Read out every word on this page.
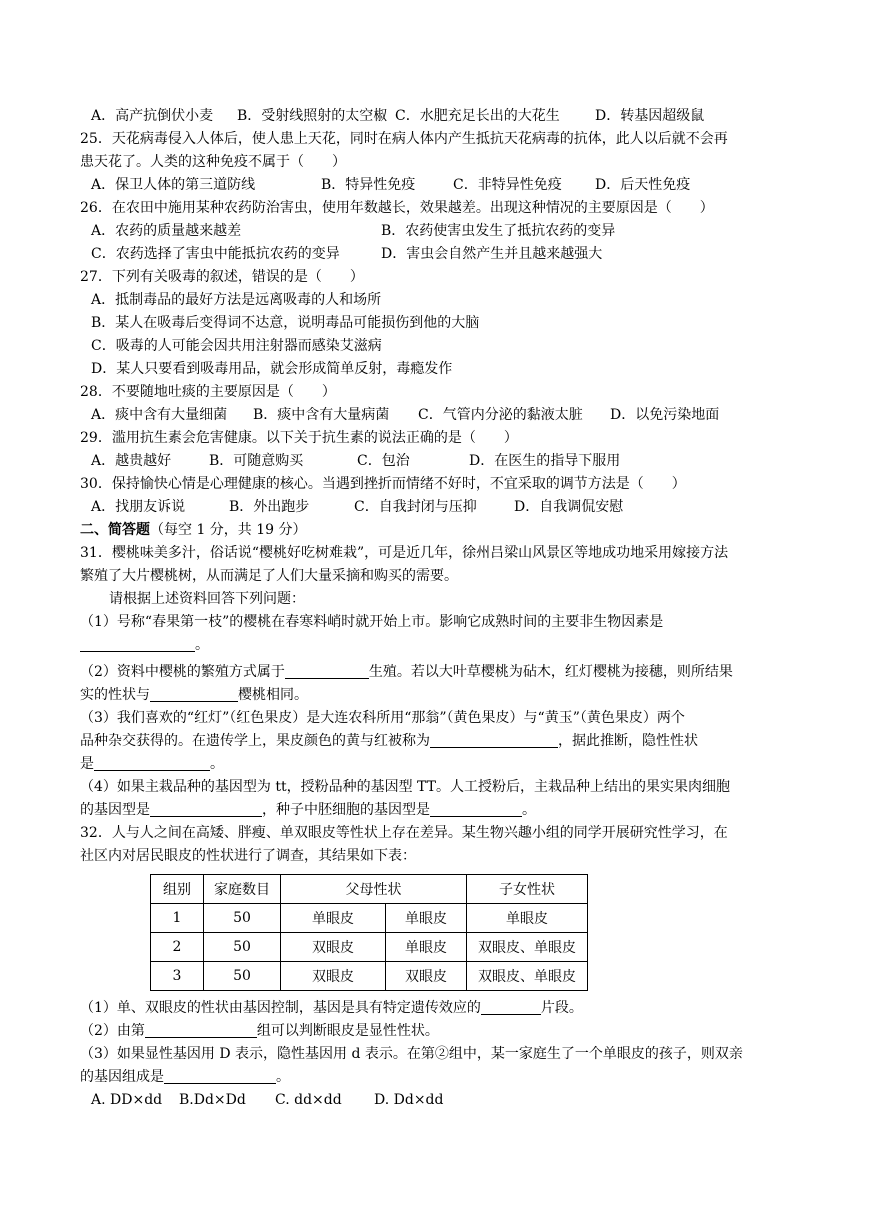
A．高产抗倒伏小麦 B．受射线照射的太空椒 C．水肥充足长出的大花生	D．转基因超级鼠
25．天花病毒侵入人体后，使人患上天花，同时在病人体内产生抵抗天花病毒的抗体，此人以后就不会再
患天花了。人类的这种免疫不属于（　　）
A．保卫人体的第三道防线	B．特异性免疫	C．非特异性免疫 D．后天性免疫
26．在农田中施用某种农药防治害虫，使用年数越长，效果越差。出现这种情况的主要原因是（　　）
A．农药的质量越来越差	B．农药使害虫发生了抵抗农药的变异
C．农药选择了害虫中能抵抗农药的变异	D．害虫会自然产生并且越来越强大
27．下列有关吸毒的叙述，错误的是（　　）
A．抵制毒品的最好方法是远离吸毒的人和场所
B．某人在吸毒后变得词不达意，说明毒品可能损伤到他的大脑
C．吸毒的人可能会因共用注射器而感染艾滋病
D．某人只要看到吸毒用品，就会形成简单反射，毒瘾发作
28．不要随地吐痰的主要原因是（　　）
A．痰中含有大量细菌 B．痰中含有大量病菌 C．气管内分泌的黏液太脏 D．以免污染地面
29．滥用抗生素会危害健康。以下关于抗生素的说法正确的是（　　）
A．越贵越好	B．可随意购买	C．包治	D．在医生的指导下服用
30．保持愉快心情是心理健康的核心。当遇到挫折而情绪不好时，不宜采取的调节方法是（　　）
A．找朋友诉说	B．外出跑步	C．自我封闭与压抑	D．自我调侃安慰
二、简答题（每空 1 分，共 19 分）
31．樱桃味美多汁，俗话说“樱桃好吃树难栽”，可是近几年，徐州吕梁山风景区等地成功地采用嫁接方法
繁殖了大片樱桃树，从而满足了人们大量采摘和购买的需要。
请根据上述资料回答下列问题：
（1）号称“春果第一枝”的樱桃在春寒料峭时就开始上市。影响它成熟时间的主要非生物因素是
。
（2）资料中樱桃的繁殖方式属于	生殖。若以大叶草樱桃为砧木，红灯樱桃为接穗，则所结果
实的性状与	樱桃相同。
（3）我们喜欢的“红灯”（红色果皮）是大连农科所用“那翁”（黄色果皮）与“黄玉”（黄色果皮）两个
品种杂交获得的。在遗传学上，果皮颜色的黄与红被称为	，据此推断，隐性性状
是	。
（4）如果主栽品种的基因型为 tt，授粉品种的基因型 TT。人工授粉后，主栽品种上结出的果实果肉细胞
的基因型是	，种子中胚细胞的基因型是	。
32．人与人之间在高矮、胖瘦、单双眼皮等性状上存在差异。某生物兴趣小组的同学开展研究性学习，在
社区内对居民眼皮的性状进行了调查，其结果如下表：
组别	家庭数目	父母性状		子女性状
1	50	单眼皮	单眼皮	单眼皮
2	50	双眼皮	单眼皮	双眼皮、单眼皮
3	50	双眼皮	双眼皮	双眼皮、单眼皮
（1）单、双眼皮的性状由基因控制，基因是具有特定遗传效应的	片段。
（2）由第	组可以判断眼皮是显性性状。
（3）如果显性基因用 D 表示，隐性基因用 d 表示。在第②组中，某一家庭生了一个单眼皮的孩子，则双亲
的基因组成是	。
A. DD×dd B.Dd×Dd C. dd×dd D. Dd×dd
